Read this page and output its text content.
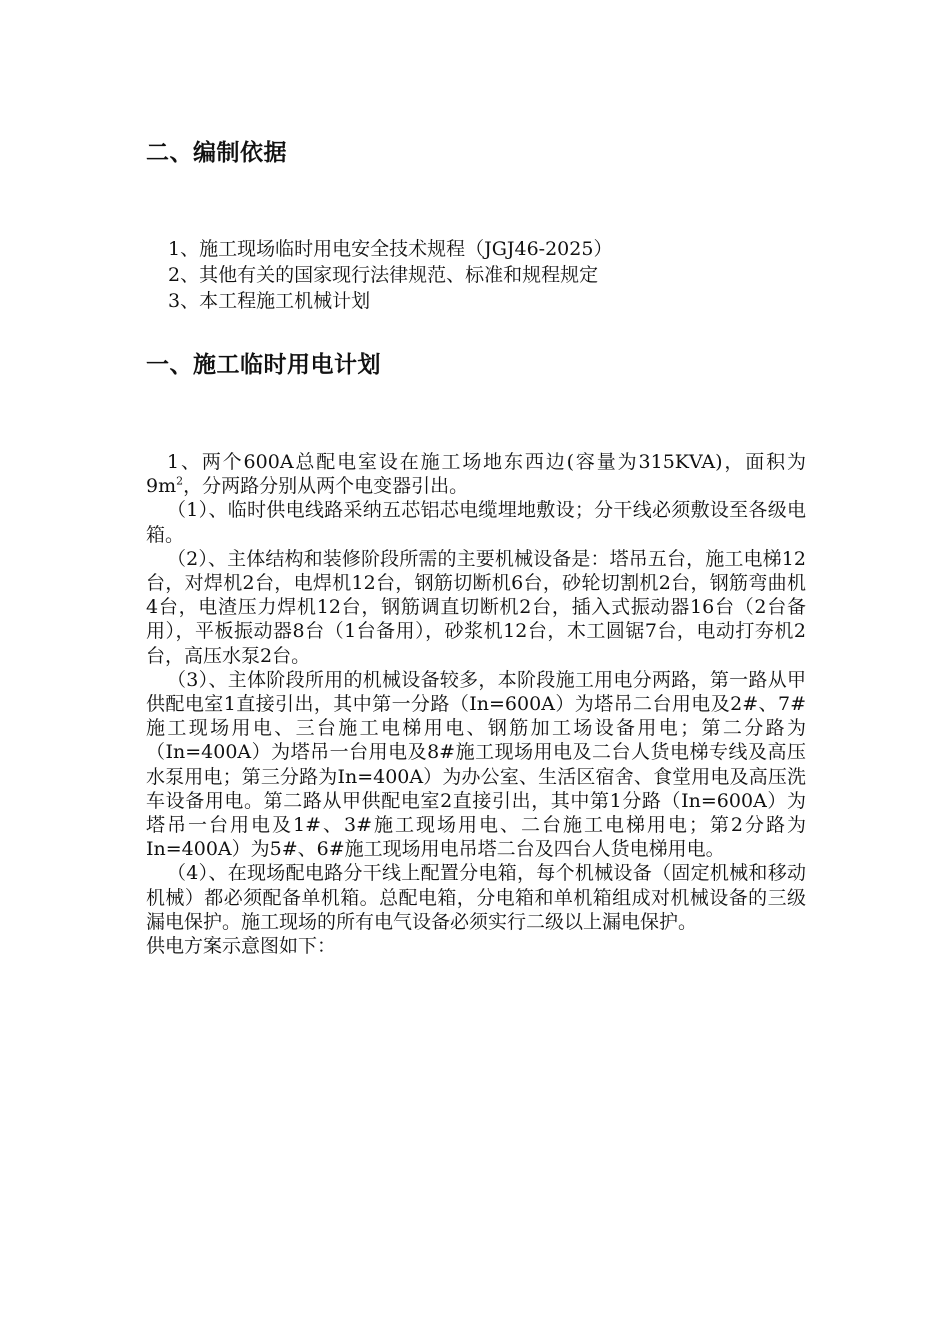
二、编制依据
1、施工现场临时用电安全技术规程（JGJ46-2025）
2、其他有关的国家现行法律规范、标准和规程规定
3、本工程施工机械计划
一、施工临时用电计划

1、两个600A总配电室设在施工场地东西边(容量为315KVA)，面积为$9m^2$，分两路分别从两个电变器引出。

（1）、临时供电线路采纳五芯铝芯电缆埋地敷设；分干线必须敷设至各级电箱。

（2）、主体结构和装修阶段所需的主要机械设备是：塔吊五台，施工电梯12台，对焊机2台，电焊机12台，钢筋切断机6台，砂轮切割机2台，钢筋弯曲机4台，电渣压力焊机12台，钢筋调直切断机2台，插入式振动器16台（2台备用），平板振动器8台（1台备用），砂浆机12台，木工圆锯7台，电动打夯机2台，高压水泵2台。

（3）、主体阶段所用的机械设备较多，本阶段施工用电分两路，第一路从甲供配电室1直接引出，其中第一分路（In=600A）为塔吊二台用电及2#、7#施工现场用电、三台施工电梯用电、钢筋加工场设备用电；第二分路为（In=400A）为塔吊一台用电及8#施工现场用电及二台人货电梯专线及高压水泵用电；第三分路为In=400A）为办公室、生活区宿舍、食堂用电及高压洗车设备用电。第二路从甲供配电室2直接引出，其中第1分路（In=600A）为塔吊一台用电及1#、3#施工现场用电、二台施工电梯用电；第2分路为In=400A）为5#、6#施工现场用电吊塔二台及四台人货电梯用电。

（4）、在现场配电路分干线上配置分电箱，每个机械设备（固定机械和移动机械）都必须配备单机箱。总配电箱，分电箱和单机箱组成对机械设备的三级漏电保护。施工现场的所有电气设备必须实行二级以上漏电保护。

供电方案示意图如下：
